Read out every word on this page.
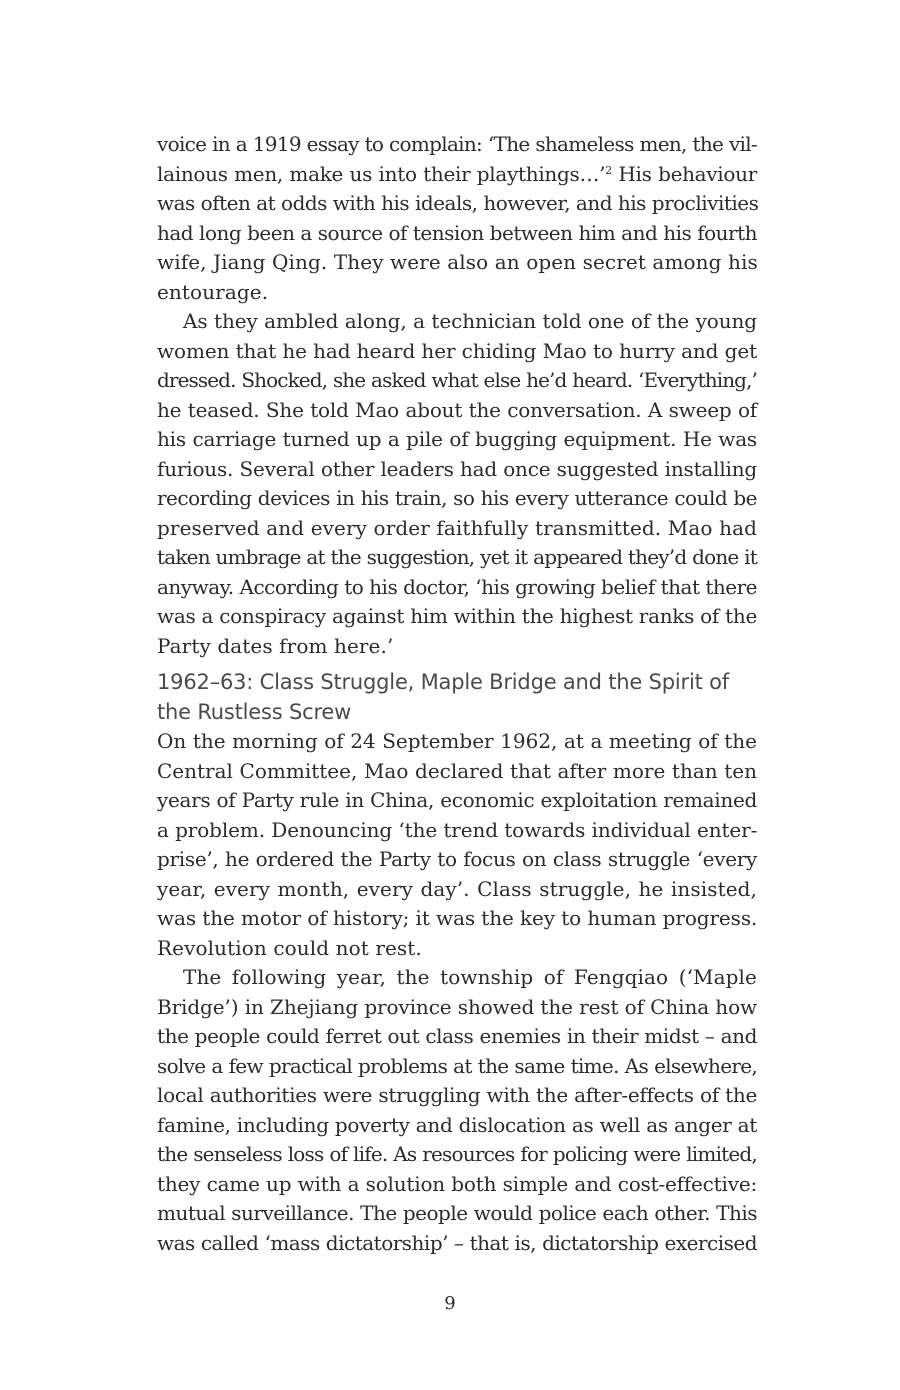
voice in a 1919 essay to complain: ‘The shameless men, the vil-
lainous men, make us into their playthings…’$^2$ His behaviour
was often at odds with his ideals, however, and his proclivities
had long been a source of tension between him and his fourth
wife, Jiang Qing. They were also an open secret among his
entourage.
As they ambled along, a technician told one of the young
women that he had heard her chiding Mao to hurry and get
dressed. Shocked, she asked what else he’d heard. ‘Everything,’
he teased. She told Mao about the conversation. A sweep of
his carriage turned up a pile of bugging equipment. He was
furious. Several other leaders had once suggested installing
recording devices in his train, so his every utterance could be
preserved and every order faithfully transmitted. Mao had
taken umbrage at the suggestion, yet it appeared they’d done it
anyway. According to his doctor, ‘his growing belief that there
was a conspiracy against him within the highest ranks of the
Party dates from here.’
1962–63: Class Struggle, Maple Bridge and the Spirit of
the Rustless Screw
On the morning of 24 September 1962, at a meeting of the
Central Committee, Mao declared that after more than ten
years of Party rule in China, economic exploitation remained
a problem. Denouncing ‘the trend towards individual enter-
prise’, he ordered the Party to focus on class struggle ‘every
year, every month, every day’. Class struggle, he insisted,
was the motor of history; it was the key to human progress.
Revolution could not rest.
The following year, the township of Fengqiao (‘Maple
Bridge’) in Zhejiang province showed the rest of China how
the people could ferret out class enemies in their midst – and
solve a few practical problems at the same time. As elsewhere,
local authorities were struggling with the after-effects of the
famine, including poverty and dislocation as well as anger at
the senseless loss of life. As resources for policing were limited,
they came up with a solution both simple and cost-effective:
mutual surveillance. The people would police each other. This
was called ‘mass dictatorship’ – that is, dictatorship exercised
9
